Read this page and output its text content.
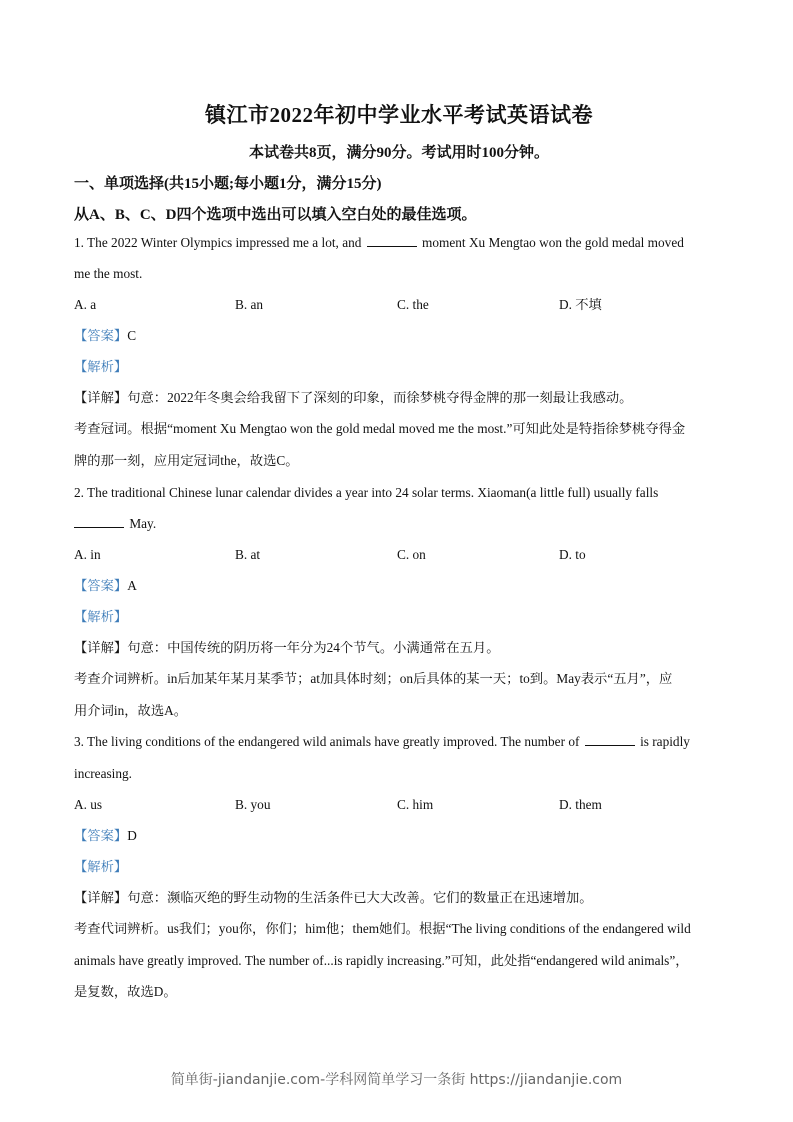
镇江市2022年初中学业水平考试英语试卷
本试卷共8页，满分90分。考试用时100分钟。
一、单项选择(共15小题;每小题1分，满分15分)
从A、B、C、D四个选项中选出可以填入空白处的最佳选项。
1. The 2022 Winter Olympics impressed me a lot, and	moment Xu Mengtao won the gold medal moved
me the most.
A. a	B. an	C. the	D. 不填
【答案】C
【解析】
【详解】句意：2022年冬奥会给我留下了深刻的印象，而徐梦桃夺得金牌的那一刻最让我感动。
考查冠词。根据“moment Xu Mengtao won the gold medal moved me the most.”可知此处是特指徐梦桃夺得金
牌的那一刻，应用定冠词the，故选C。
2. The traditional Chinese lunar calendar divides a year into 24 solar terms. Xiaoman(a little full) usually falls
May.
A. in	B. at	C. on	D. to
【答案】A
【解析】
【详解】句意：中国传统的阴历将一年分为24个节气。小满通常在五月。
考查介词辨析。in后加某年某月某季节；at加具体时刻；on后具体的某一天；to到。May表示“五月”，应
用介词in，故选A。
3. The living conditions of the endangered wild animals have greatly improved. The number of	is rapidly
increasing.
A. us	B. you	C. him	D. them
【答案】D
【解析】
【详解】句意：濒临灭绝的野生动物的生活条件已大大改善。它们的数量正在迅速增加。
考查代词辨析。us我们；you你，你们；him他；them她们。根据“The living conditions of the endangered wild
animals have greatly improved. The number of...is rapidly increasing.”可知，此处指“endangered wild animals”，
是复数，故选D。
简单街-jiandanjie.com-学科网简单学习一条街 https://jiandanjie.com
